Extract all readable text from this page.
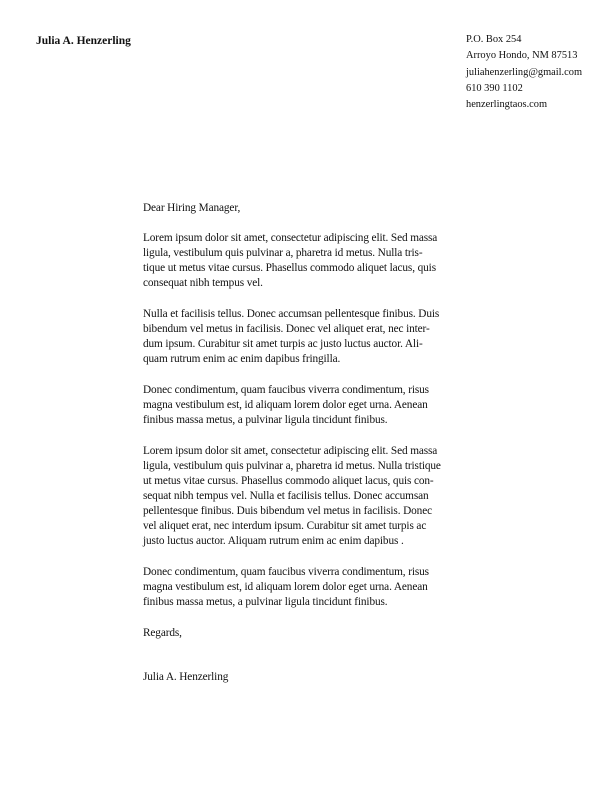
Julia A. Henzerling	P.O. Box 254
Arroyo Hondo, NM 87513
juliahenzerling@gmail.com
610 390 1102
henzerlingtaos.com

Dear Hiring Manager,

Lorem ipsum dolor sit amet, consectetur adipiscing elit. Sed massa
ligula, vestibulum quis pulvinar a, pharetra id metus. Nulla tris-
tique ut metus vitae cursus. Phasellus commodo aliquet lacus, quis
consequat nibh tempus vel.

Nulla et facilisis tellus. Donec accumsan pellentesque finibus. Duis
bibendum vel metus in facilisis. Donec vel aliquet erat, nec inter-
dum ipsum. Curabitur sit amet turpis ac justo luctus auctor. Ali-
quam rutrum enim ac enim dapibus fringilla.

Donec condimentum, quam faucibus viverra condimentum, risus
magna vestibulum est, id aliquam lorem dolor eget urna. Aenean
finibus massa metus, a pulvinar ligula tincidunt finibus.

Lorem ipsum dolor sit amet, consectetur adipiscing elit. Sed massa
ligula, vestibulum quis pulvinar a, pharetra id metus. Nulla tristique
ut metus vitae cursus. Phasellus commodo aliquet lacus, quis con-
sequat nibh tempus vel. Nulla et facilisis tellus. Donec accumsan
pellentesque finibus. Duis bibendum vel metus in facilisis. Donec
vel aliquet erat, nec interdum ipsum. Curabitur sit amet turpis ac
justo luctus auctor. Aliquam rutrum enim ac enim dapibus .

Donec condimentum, quam faucibus viverra condimentum, risus
magna vestibulum est, id aliquam lorem dolor eget urna. Aenean
finibus massa metus, a pulvinar ligula tincidunt finibus.

Regards,

Julia A. Henzerling
